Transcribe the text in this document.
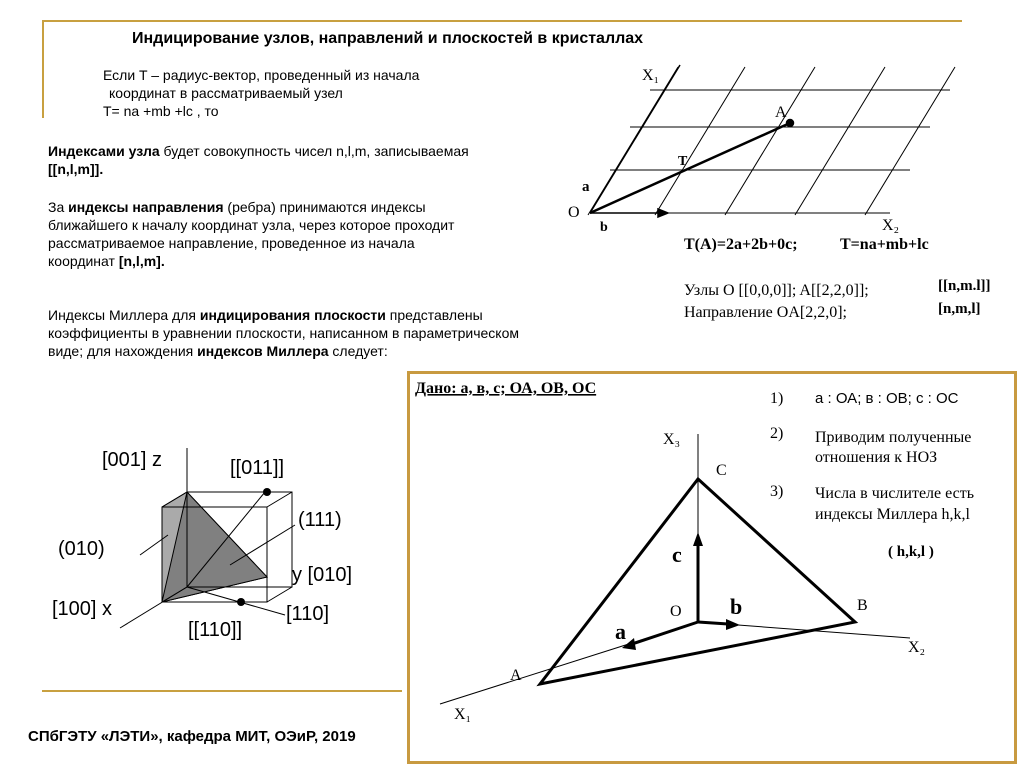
Индицирование узлов, направлений и плоскостей в кристаллах
Если T – радиус-вектор, проведенный из начала
координат в рассматриваемый узел
T= na +mb +lc , то
Индексами узла будет совокупность чисел n,l,m, записываемая
[[n,l,m]].
За индексы направления (ребра) принимаются индексы
ближайшего к началу координат узла, через которое проходит
рассматриваемое направление, проведенное из начала
координат [n,l,m].
Индексы Миллера для индицирования плоскости представлены
коэффициенты в уравнении плоскости, написанном в параметрическом
виде; для нахождения индексов Миллера следует:
X₁
A
T
a
O
b	X₂
T(A)=2a+2b+0c;	T=na+mb+lc
Узлы O [[0,0,0]]; A[[2,2,0]];	[[n,m.l]]
Направление OA[2,2,0];	[n,m,l]
[001] z	[[011]]
(111)
(010)
y [010]
[100] x
[[110]]
[110]
Дано: а, в, с; ОА, ОВ, ОС
X₃
C
B
A
O
c
b
a
X₂
X₁
1) а : ОА; в : ОВ; с : ОС
2) Приводим полученные
отношения к НОЗ
3) Числа в числителе есть
индексы Миллера h,k,l
( h,k,l )
СПбГЭТУ «ЛЭТИ», кафедра МИТ, ОЭиР, 2019
